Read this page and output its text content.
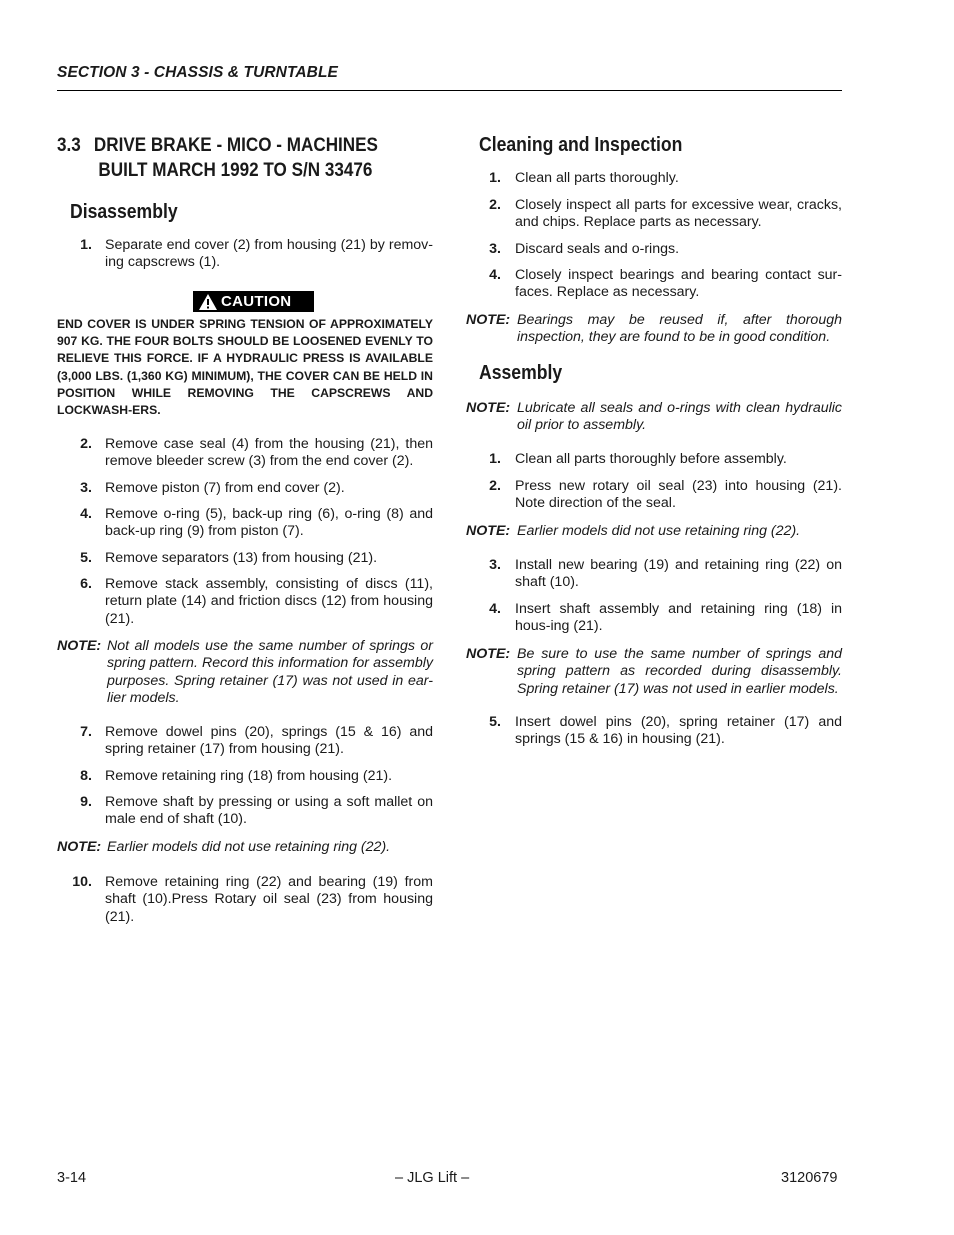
SECTION 3 - CHASSIS & TURNTABLE
3.3 DRIVE BRAKE - MICO - MACHINES
BUILT MARCH 1992 TO S/N 33476
Disassembly
1. Separate end cover (2) from housing (21) by remov-ing capscrews (1).
CAUTION
END COVER IS UNDER SPRING TENSION OF APPROXIMATELY 907 KG. THE FOUR BOLTS SHOULD BE LOOSENED EVENLY TO RELIEVE THIS FORCE. IF A HYDRAULIC PRESS IS AVAILABLE (3,000 LBS. (1,360 KG) MINIMUM), THE COVER CAN BE HELD IN POSITION WHILE REMOVING THE CAPSCREWS AND LOCKWASH-ERS.
2. Remove case seal (4) from the housing (21), then remove bleeder screw (3) from the end cover (2).
3. Remove piston (7) from end cover (2).
4. Remove o-ring (5), back-up ring (6), o-ring (8) and back-up ring (9) from piston (7).
5. Remove separators (13) from housing (21).
6. Remove stack assembly, consisting of discs (11), return plate (14) and friction discs (12) from housing (21).
NOTE: Not all models use the same number of springs or spring pattern. Record this information for assembly purposes. Spring retainer (17) was not used in ear-lier models.
7. Remove dowel pins (20), springs (15 & 16) and spring retainer (17) from housing (21).
8. Remove retaining ring (18) from housing (21).
9. Remove shaft by pressing or using a soft mallet on male end of shaft (10).
NOTE: Earlier models did not use retaining ring (22).
10. Remove retaining ring (22) and bearing (19) from shaft (10).Press Rotary oil seal (23) from housing (21).
Cleaning and Inspection
1. Clean all parts thoroughly.
2. Closely inspect all parts for excessive wear, cracks, and chips. Replace parts as necessary.
3. Discard seals and o-rings.
4. Closely inspect bearings and bearing contact sur-faces. Replace as necessary.
NOTE: Bearings may be reused if, after thorough inspection, they are found to be in good condition.
Assembly
NOTE: Lubricate all seals and o-rings with clean hydraulic oil prior to assembly.
1. Clean all parts thoroughly before assembly.
2. Press new rotary oil seal (23) into housing (21). Note direction of the seal.
NOTE: Earlier models did not use retaining ring (22).
3. Install new bearing (19) and retaining ring (22) on shaft (10).
4. Insert shaft assembly and retaining ring (18) in hous-ing (21).
NOTE: Be sure to use the same number of springs and spring pattern as recorded during disassembly. Spring retainer (17) was not used in earlier models.
5. Insert dowel pins (20), spring retainer (17) and springs (15 & 16) in housing (21).
3-14	– JLG Lift –	3120679
